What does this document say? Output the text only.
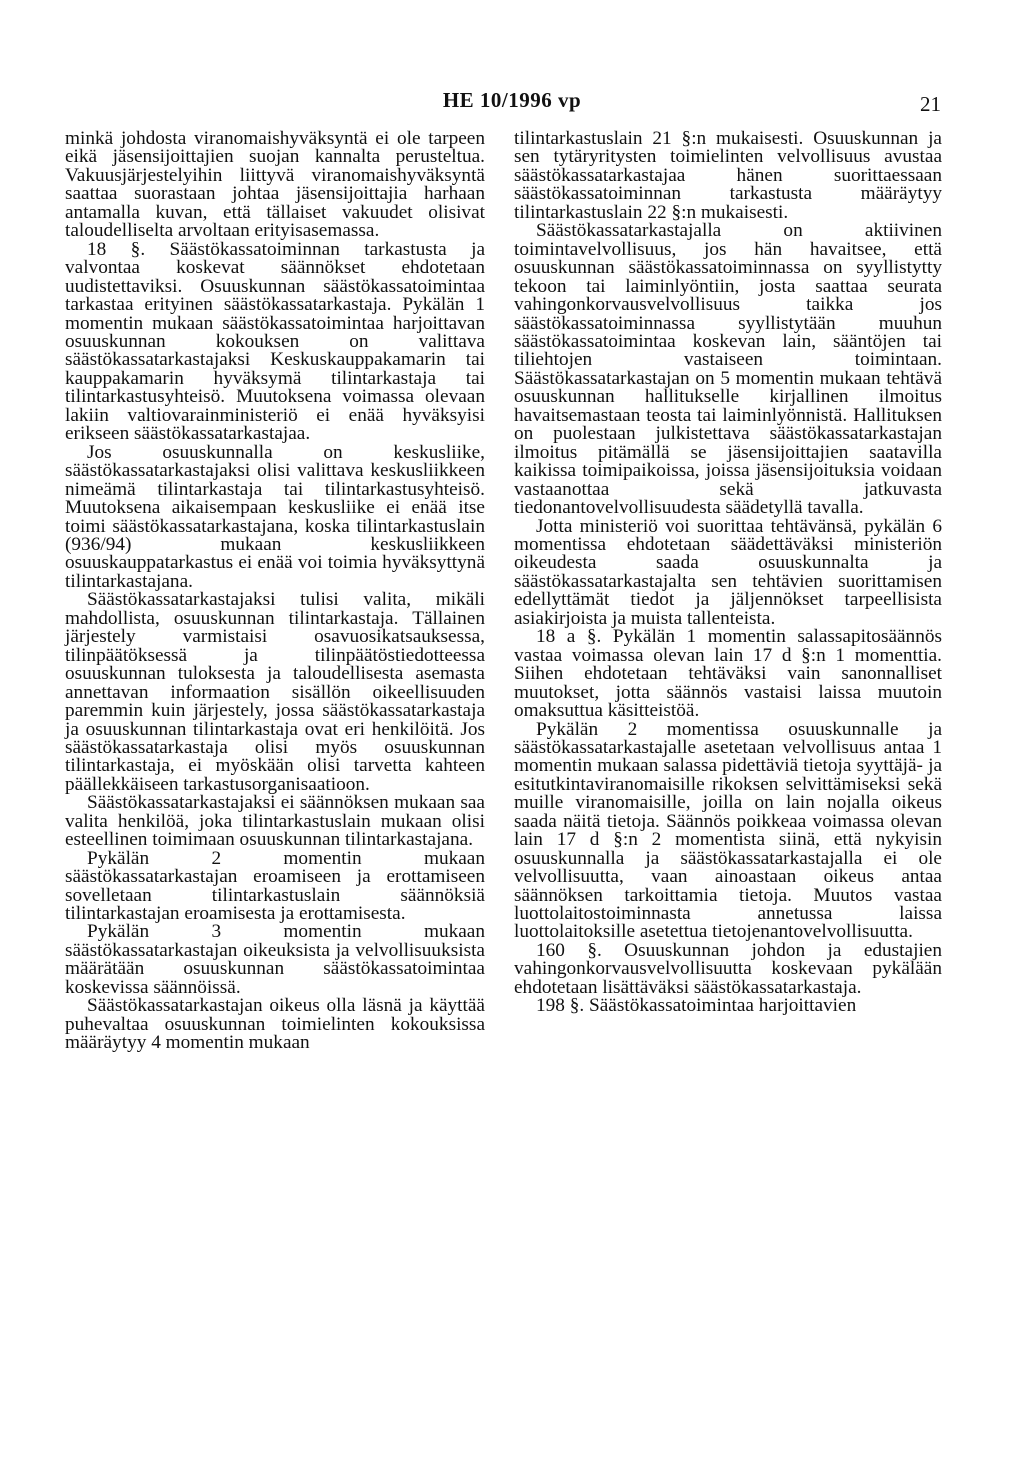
HE 10/1996 vp	21

minkä johdosta viranomaishyväksyntä ei ole tarpeen eikä jäsensijoittajien suojan kannalta perusteltua. Vakuusjärjestelyihin liittyvä viranomaishyväksyntä saattaa suorastaan johtaa jäsensijoittajia harhaan antamalla kuvan, että tällaiset vakuudet olisivat taloudelliselta arvoltaan erityisasemassa.

18 §. Säästökassatoiminnan tarkastusta ja valvontaa koskevat säännökset ehdotetaan uudistettaviksi. Osuuskunnan säästökassatoimintaa tarkastaa erityinen säästökassatarkastaja. Pykälän 1 momentin mukaan säästökassatoimintaa harjoittavan osuuskunnan kokouksen on valittava säästökassatarkastajaksi Keskuskauppakamarin tai kauppakamarin hyväksymä tilintarkastaja tai tilintarkastusyhteisö. Muutoksena voimassa olevaan lakiin valtiovarainministeriö ei enää hyväksyisi erikseen säästökassatarkastajaa.

Jos osuuskunnalla on keskusliike, säästökassatarkastajaksi olisi valittava keskusliikkeen nimeämä tilintarkastaja tai tilintarkastusyhteisö. Muutoksena aikaisempaan keskusliike ei enää itse toimi säästökassatarkastajana, koska tilintarkastuslain (936/94) mukaan keskusliikkeen osuuskauppatarkastus ei enää voi toimia hyväksyttynä tilintarkastajana.

Säästökassatarkastajaksi tulisi valita, mikäli mahdollista, osuuskunnan tilintarkastaja. Tällainen järjestely varmistaisi osavuosikatsauksessa, tilinpäätöksessä ja tilinpäätöstiedotteessa osuuskunnan tuloksesta ja taloudellisesta asemasta annettavan informaation sisällön oikeellisuuden paremmin kuin järjestely, jossa säästökassatarkastaja ja osuuskunnan tilintarkastaja ovat eri henkilöitä. Jos säästökassatarkastaja olisi myös osuuskunnan tilintarkastaja, ei myöskään olisi tarvetta kahteen päällekkäiseen tarkastusorganisaatioon.

Säästökassatarkastajaksi ei säännöksen mukaan saa valita henkilöä, joka tilintarkastuslain mukaan olisi esteellinen toimimaan osuuskunnan tilintarkastajana.

Pykälän 2 momentin mukaan säästökassatarkastajan eroamiseen ja erottamiseen sovelletaan tilintarkastuslain säännöksiä tilintarkastajan eroamisesta ja erottamisesta.

Pykälän 3 momentin mukaan säästökassatarkastajan oikeuksista ja velvollisuuksista määrätään osuuskunnan säästökassatoimintaa koskevissa säännöissä.

Säästökassatarkastajan oikeus olla läsnä ja käyttää puhevaltaa osuuskunnan toimielinten kokouksissa määräytyy 4 momentin mukaan

tilintarkastuslain 21 §:n mukaisesti. Osuuskunnan ja sen tytäryritysten toimielinten velvollisuus avustaa säästökassatarkastajaa hänen suorittaessaan säästökassatoiminnan tarkastusta määräytyy tilintarkastuslain 22 §:n mukaisesti.

Säästökassatarkastajalla on aktiivinen toimintavelvollisuus, jos hän havaitsee, että osuuskunnan säästökassatoiminnassa on syyllistytty tekoon tai laiminlyöntiin, josta saattaa seurata vahingonkorvausvelvollisuus taikka jos säästökassatoiminnassa syyllistytään muuhun säästökassatoimintaa koskevan lain, sääntöjen tai tiliehtojen vastaiseen toimintaan. Säästökassatarkastajan on 5 momentin mukaan tehtävä osuuskunnan hallitukselle kirjallinen ilmoitus havaitsemastaan teosta tai laiminlyönnistä. Hallituksen on puolestaan julkistettava säästökassatarkastajan ilmoitus pitämällä se jäsensijoittajien saatavilla kaikissa toimipaikoissa, joissa jäsensijoituksia voidaan vastaanottaa sekä jatkuvasta tiedonantovelvollisuudesta säädetyllä tavalla.

Jotta ministeriö voi suorittaa tehtävänsä, pykälän 6 momentissa ehdotetaan säädettäväksi ministeriön oikeudesta saada osuuskunnalta ja säästökassatarkastajalta sen tehtävien suorittamisen edellyttämät tiedot ja jäljennökset tarpeellisista asiakirjoista ja muista tallenteista.

18 a §. Pykälän 1 momentin salassapitosäännös vastaa voimassa olevan lain 17 d §:n 1 momenttia. Siihen ehdotetaan tehtäväksi vain sanonnalliset muutokset, jotta säännös vastaisi laissa muutoin omaksuttua käsitteistöä.

Pykälän 2 momentissa osuuskunnalle ja säästökassatarkastajalle asetetaan velvollisuus antaa 1 momentin mukaan salassa pidettäviä tietoja syyttäjä- ja esitutkintaviranomaisille rikoksen selvittämiseksi sekä muille viranomaisille, joilla on lain nojalla oikeus saada näitä tietoja. Säännös poikkeaa voimassa olevan lain 17 d §:n 2 momentista siinä, että nykyisin osuuskunnalla ja säästökassatarkastajalla ei ole velvollisuutta, vaan ainoastaan oikeus antaa säännöksen tarkoittamia tietoja. Muutos vastaa luottolaitostoiminnasta annetussa laissa luottolaitoksille asetettua tietojenantovelvollisuutta.

160 §. Osuuskunnan johdon ja edustajien vahingonkorvausvelvollisuutta koskevaan pykälään ehdotetaan lisättäväksi säästökassatarkastaja.

198 §. Säästökassatoimintaa harjoittavien
